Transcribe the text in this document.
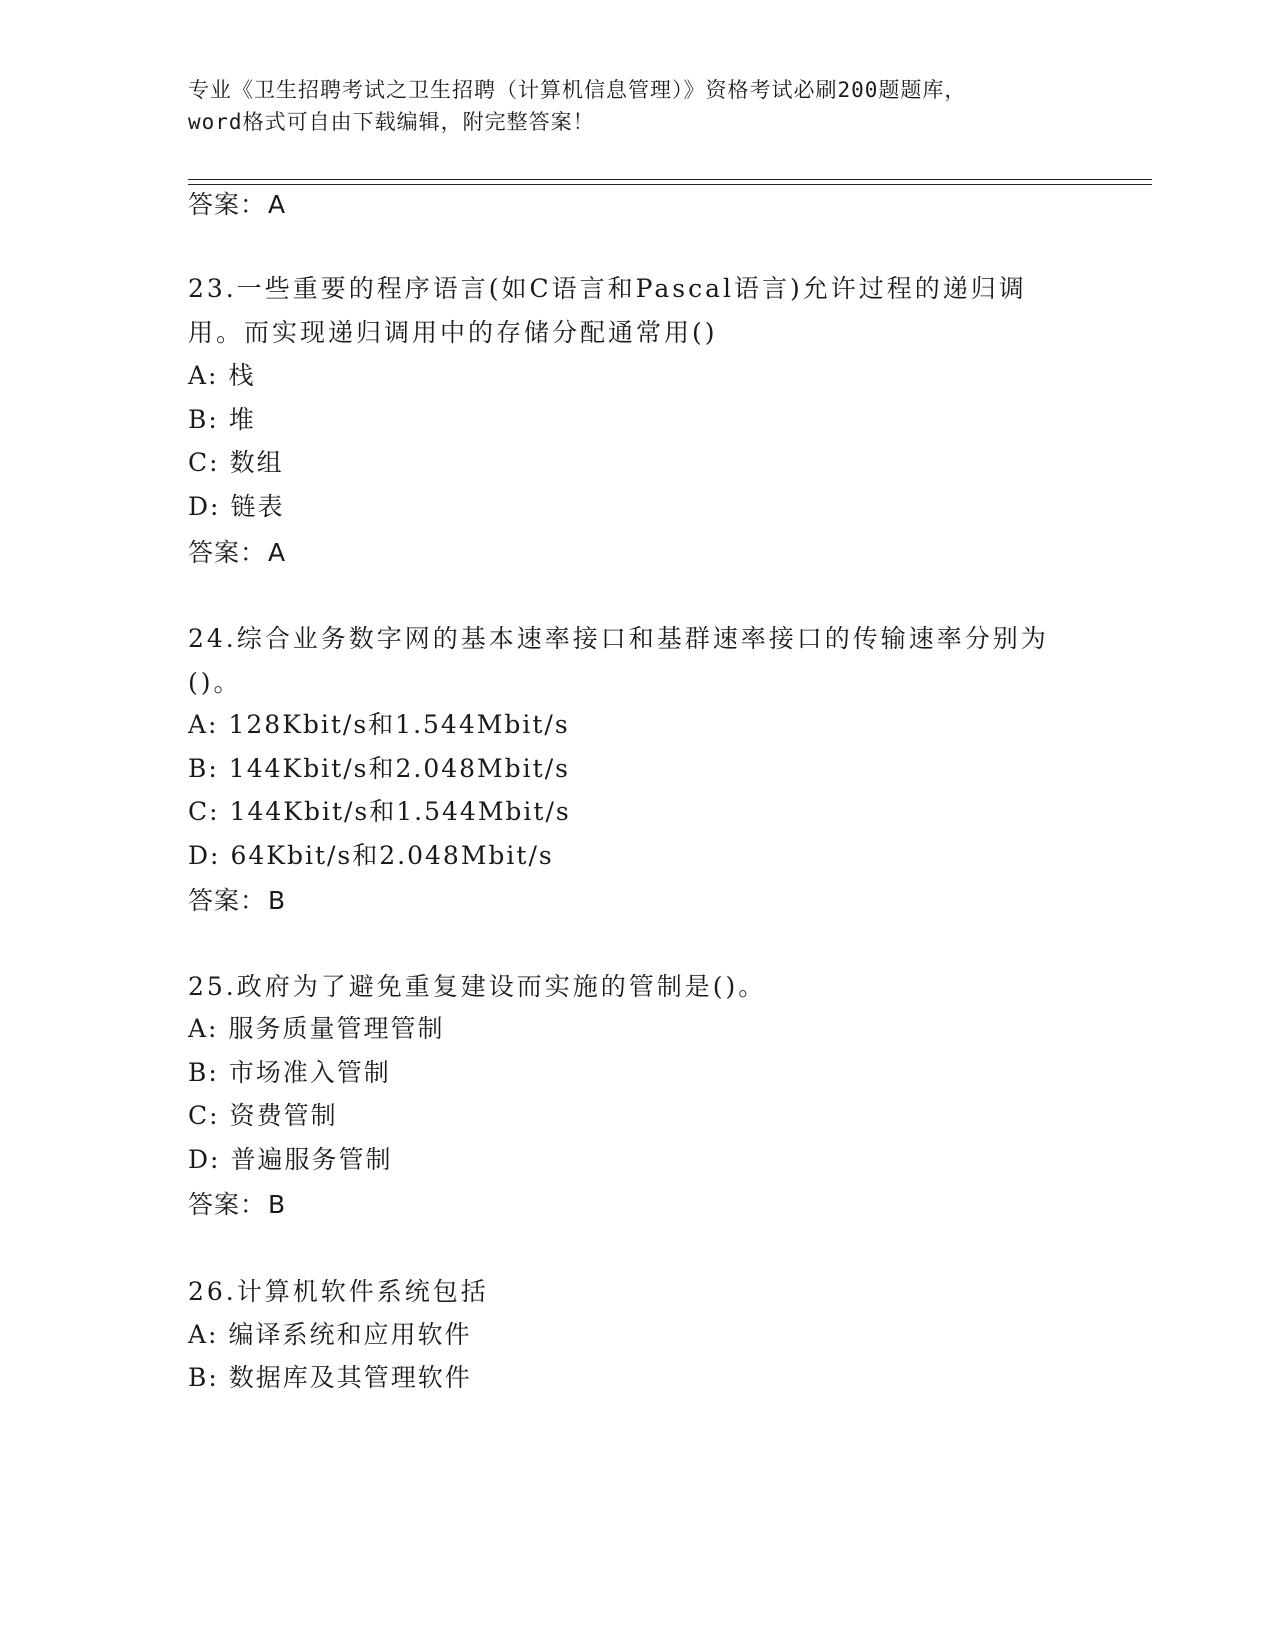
专业《卫生招聘考试之卫生招聘（计算机信息管理）》资格考试必刷200题题库，
word格式可自由下载编辑，附完整答案！
答案：A
23.一些重要的程序语言(如C语言和Pascal语言)允许过程的递归调
用。而实现递归调用中的存储分配通常用()
A: 栈
B: 堆
C: 数组
D: 链表
答案：A
24.综合业务数字网的基本速率接口和基群速率接口的传输速率分别为
()。
A: 128Kbit/s和1.544Mbit/s
B: 144Kbit/s和2.048Mbit/s
C: 144Kbit/s和1.544Mbit/s
D: 64Kbit/s和2.048Mbit/s
答案：B
25.政府为了避免重复建设而实施的管制是()。
A: 服务质量管理管制
B: 市场准入管制
C: 资费管制
D: 普遍服务管制
答案：B
26.计算机软件系统包括
A: 编译系统和应用软件
B: 数据库及其管理软件
